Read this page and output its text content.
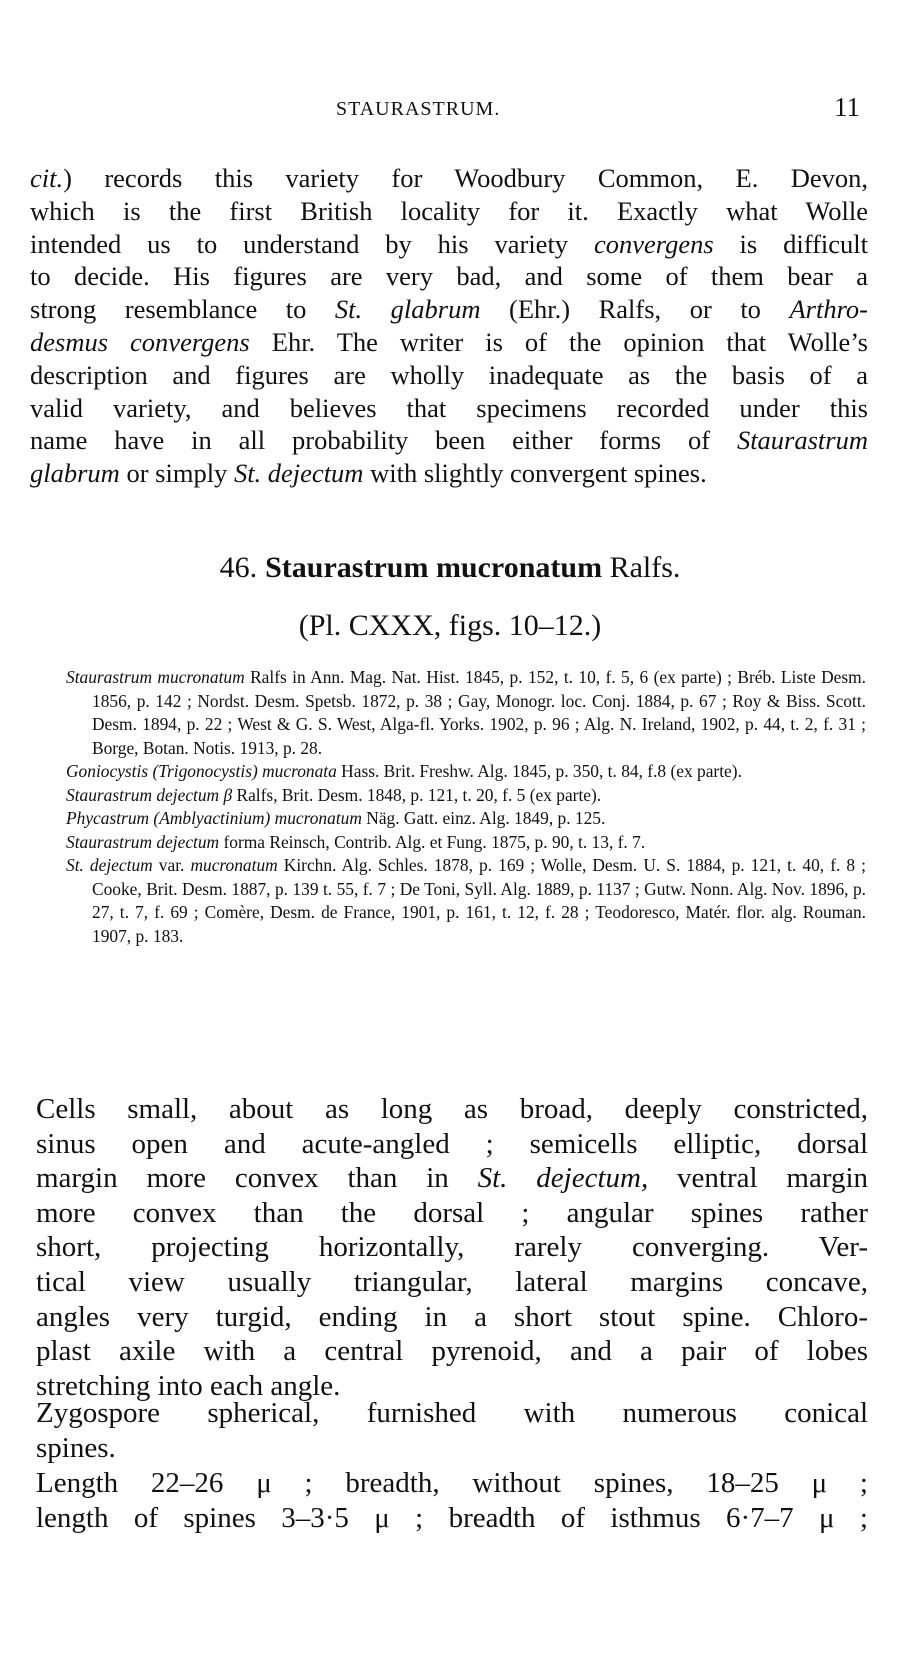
STAURASTRUM.	11
cit.) records this variety for Woodbury Common, E. Devon,
which is the first British locality for it. Exactly what Wolle
intended us to understand by his variety convergens is difficult
to decide. His figures are very bad, and some of them bear a
strong resemblance to St. glabrum (Ehr.) Ralfs, or to Arthro-
desmus convergens Ehr. The writer is of the opinion that Wolle’s
description and figures are wholly inadequate as the basis of a
valid variety, and believes that specimens recorded under this
name have in all probability been either forms of Staurastrum
glabrum or simply St. dejectum with slightly convergent spines.
46. Staurastrum mucronatum Ralfs.
(Pl. CXXX, figs. 10–12.)

Staurastrum mucronatum Ralfs in Ann. Mag. Nat. Hist. 1845, p. 152, t. 10, f. 5, 6 (ex parte) ; Bréb. Liste Desm. 1856, p. 142 ; Nordst. Desm. Spetsb. 1872, p. 38 ; Gay, Monogr. loc. Conj. 1884, p. 67 ; Roy & Biss. Scott. Desm. 1894, p. 22 ; West & G. S. West, Alga-fl. Yorks. 1902, p. 96 ; Alg. N. Ireland, 1902, p. 44, t. 2, f. 31 ; Borge, Botan. Notis. 1913, p. 28.

Goniocystis (Trigonocystis) mucronata Hass. Brit. Freshw. Alg. 1845, p. 350, t. 84, f.8 (ex parte).

Staurastrum dejectum β Ralfs, Brit. Desm. 1848, p. 121, t. 20, f. 5 (ex parte).

Phycastrum (Amblyactinium) mucronatum Näg. Gatt. einz. Alg. 1849, p. 125.

Staurastrum dejectum forma Reinsch, Contrib. Alg. et Fung. 1875, p. 90, t. 13, f. 7.

St. dejectum var. mucronatum Kirchn. Alg. Schles. 1878, p. 169 ; Wolle, Desm. U. S. 1884, p. 121, t. 40, f. 8 ; Cooke, Brit. Desm. 1887, p. 139 t. 55, f. 7 ; De Toni, Syll. Alg. 1889, p. 1137 ; Gutw. Nonn. Alg. Nov. 1896, p. 27, t. 7, f. 69 ; Comère, Desm. de France, 1901, p. 161, t. 12, f. 28 ; Teodoresco, Matér. flor. alg. Rouman. 1907, p. 183.

Cells small, about as long as broad, deeply constricted,
sinus open and acute-angled ; semicells elliptic, dorsal
margin more convex than in St. dejectum, ventral margin
more convex than the dorsal ; angular spines rather
short, projecting horizontally, rarely converging. Ver-
tical view usually triangular, lateral margins concave,
angles very turgid, ending in a short stout spine. Chloro-
plast axile with a central pyrenoid, and a pair of lobes
stretching into each angle.
Zygospore spherical, furnished with numerous conical
spines.
Length 22–26 μ ; breadth, without spines, 18–25 μ ;
length of spines 3–3·5 μ ; breadth of isthmus 6·7–7 μ ;
